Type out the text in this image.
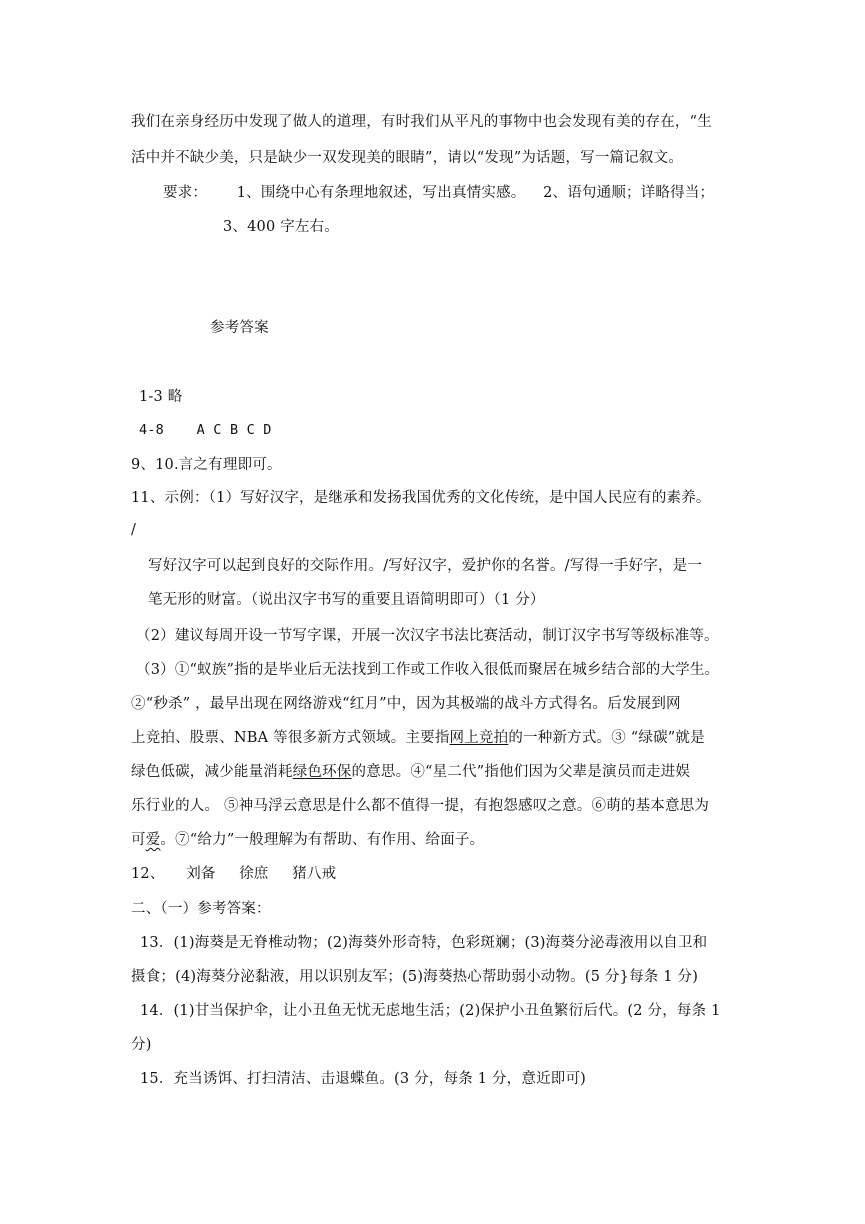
我们在亲身经历中发现了做人的道理，有时我们从平凡的事物中也会发现有美的存在，“生
活中并不缺少美，只是缺少一双发现美的眼睛”，请以“发现”为话题，写一篇记叙文。
要求： 1、围绕中心有条理地叙述，写出真情实感。 2、语句通顺；详略得当；
3、400 字左右。
参考答案
1-3 略
4-8 A C B C D
9、10.言之有理即可。
11、示例：（1）写好汉字，是继承和发扬我国优秀的文化传统，是中国人民应有的素养。
/
写好汉字可以起到良好的交际作用。/写好汉字，爱护你的名誉。/写得一手好字，是一
笔无形的财富。（说出汉字书写的重要且语简明即可）（1 分）
（2）建议每周开设一节写字课，开展一次汉字书法比赛活动，制订汉字书写等级标准等。
（3）①“蚁族”指的是毕业后无法找到工作或工作收入很低而聚居在城乡结合部的大学生。
②“秒杀” ，最早出现在网络游戏“红月”中，因为其极端的战斗方式得名。后发展到网
上竞拍、股票、NBA 等很多新方式领域。主要指网上竞拍的一种新方式。③ “绿碳”就是
绿色低碳，减少能量消耗绿色环保的意思。④“星二代”指他们因为父辈是演员而走进娱
乐行业的人。 ⑤神马浮云意思是什么都不值得一提，有抱怨感叹之意。⑥萌的基本意思为
可爱。⑦“给力”一般理解为有帮助、有作用、给面子。
12、 刘备 徐庶 猪八戒
二、（一）参考答案：
13．(1)海葵是无脊椎动物；(2)海葵外形奇特，色彩斑斓；(3)海葵分泌毒液用以自卫和
摄食；(4)海葵分泌黏液，用以识别友军；(5)海葵热心帮助弱小动物。(5 分}每条 1 分)
14．(1)甘当保护伞，让小丑鱼无忧无虑地生活；(2)保护小丑鱼繁衍后代。(2 分，每条 1
分)
15．充当诱饵、打扫清洁、击退蝶鱼。(3 分，每条 1 分，意近即可)
